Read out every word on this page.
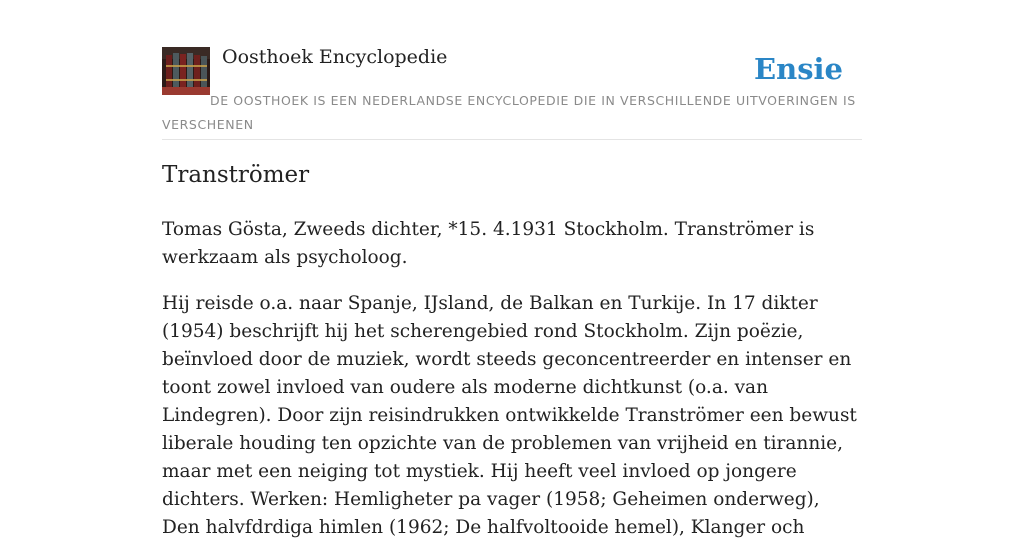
Oosthoek Encyclopedie	Ensie
DE OOSTHOEK IS EEN NEDERLANDSE ENCYCLOPEDIE DIE IN VERSCHILLENDE UITVOERINGEN IS VERSCHENEN
Tranströmer

Tomas Gösta, Zweeds dichter, *15. 4.1931 Stockholm. Tranströmer is werkzaam als psycholoog.

Hij reisde o.a. naar Spanje, IJsland, de Balkan en Turkije. In 17 dikter (1954) beschrijft hij het scherengebied rond Stockholm. Zijn poëzie, beïnvloed door de muziek, wordt steeds geconcentreerder en intenser en toont zowel invloed van oudere als moderne dichtkunst (o.a. van Lindegren). Door zijn reisindrukken ontwikkelde Tranströmer een bewust liberale houding ten opzichte van de problemen van vrijheid en tirannie, maar met een neiging tot mystiek. Hij heeft veel invloed op jongere dichters. Werken: Hemligheter pa vager (1958; Geheimen onderweg), Den halvfdrdiga himlen (1962; De halfvoltooide hemel), Klanger och
